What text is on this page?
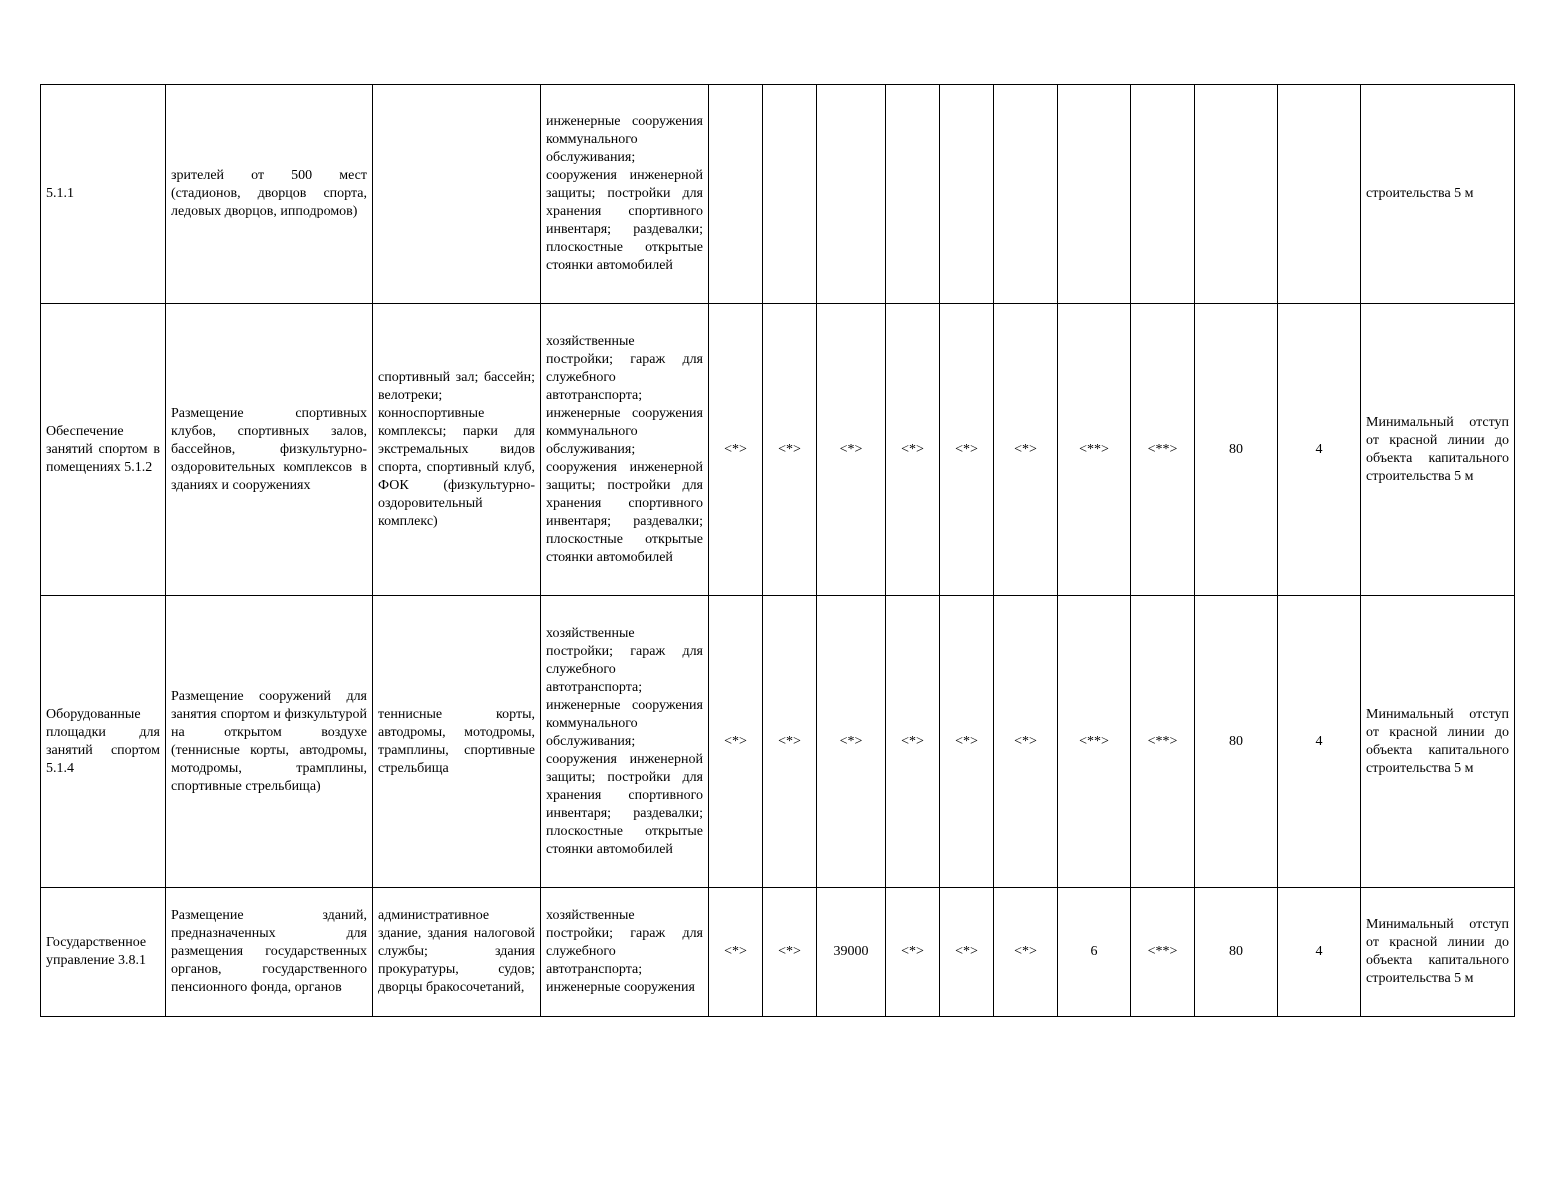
5.1.1	зрителей от 500 мест (стадионов, дворцов спорта, ледовых дворцов, ипподромов)		инженерные сооружения коммунального обслуживания; сооружения инженерной защиты; постройки для хранения спортивного инвентаря; раздевалки; плоскостные открытые стоянки автомобилей											строительства 5 м
Обеспечение занятий спортом в помещениях 5.1.2	Размещение спортивных клубов, спортивных залов, бассейнов, физкультурно-оздоровительных комплексов в зданиях и сооружениях	спортивный зал; бассейн; велотреки; конноспортивные комплексы; парки для экстремальных видов спорта, спортивный клуб, ФОК (физкультурно-оздоровительный комплекс)	хозяйственные постройки; гараж для служебного автотранспорта; инженерные сооружения коммунального обслуживания; сооружения инженерной защиты; постройки для хранения спортивного инвентаря; раздевалки; плоскостные открытые стоянки автомобилей	<*>	<*>	<*>	<*>	<*>	<*>	<**>	<**>	80	4	Минимальный отступ от красной линии до объекта капитального строительства 5 м
Оборудованные площадки для занятий спортом 5.1.4	Размещение сооружений для занятия спортом и физкультурой на открытом воздухе (теннисные корты, автодромы, мотодромы, трамплины, спортивные стрельбища)	теннисные корты, автодромы, мотодромы, трамплины, спортивные стрельбища	хозяйственные постройки; гараж для служебного автотранспорта; инженерные сооружения коммунального обслуживания; сооружения инженерной защиты; постройки для хранения спортивного инвентаря; раздевалки; плоскостные открытые стоянки автомобилей	<*>	<*>	<*>	<*>	<*>	<*>	<**>	<**>	80	4	Минимальный отступ от красной линии до объекта капитального строительства 5 м
Государственное управление 3.8.1	Размещение зданий, предназначенных для размещения государственных органов, государственного пенсионного фонда, органов	административное здание, здания налоговой службы; здания прокуратуры, судов; дворцы бракосочетаний,	хозяйственные постройки; гараж для служебного автотранспорта; инженерные сооружения	<*>	<*>	39000	<*>	<*>	<*>	6	<**>	80	4	Минимальный отступ от красной линии до объекта капитального строительства 5 м
